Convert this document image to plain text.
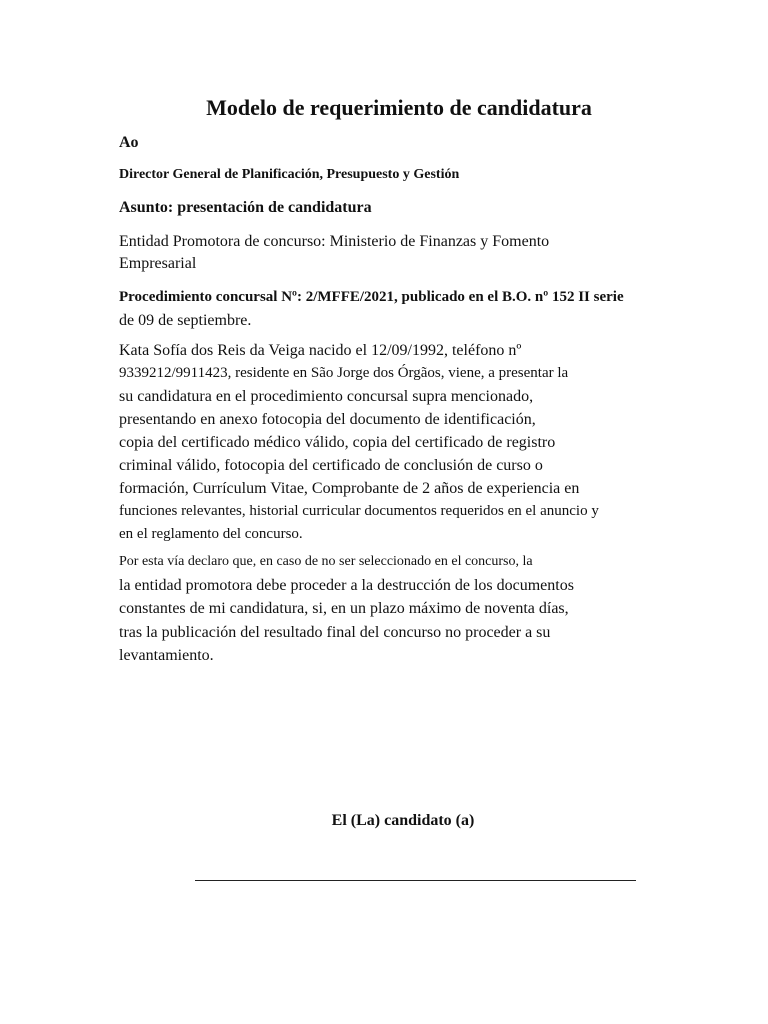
Modelo de requerimiento de candidatura

Ao

Director General de Planificación, Presupuesto y Gestión

Asunto: presentación de candidatura

Entidad Promotora de concurso: Ministerio de Finanzas y Fomento
Empresarial

Procedimiento concursal Nº: 2/MFFE/2021, publicado en el B.O. nº 152 II serie
de 09 de septiembre.

Kata Sofía dos Reis da Veiga nacido el 12/09/1992, teléfono nº
9339212/9911423, residente en São Jorge dos Órgãos, viene, a presentar la
su candidatura en el procedimiento concursal supra mencionado,
presentando en anexo fotocopia del documento de identificación,
copia del certificado médico válido, copia del certificado de registro
criminal válido, fotocopia del certificado de conclusión de curso o
formación, Currículum Vitae, Comprobante de 2 años de experiencia en
funciones relevantes, historial curricular documentos requeridos en el anuncio y
en el reglamento del concurso.

Por esta vía declaro que, en caso de no ser seleccionado en el concurso, la
la entidad promotora debe proceder a la destrucción de los documentos
constantes de mi candidatura, si, en un plazo máximo de noventa días,
tras la publicación del resultado final del concurso no proceder a su
levantamiento.

El (La) candidato (a)
